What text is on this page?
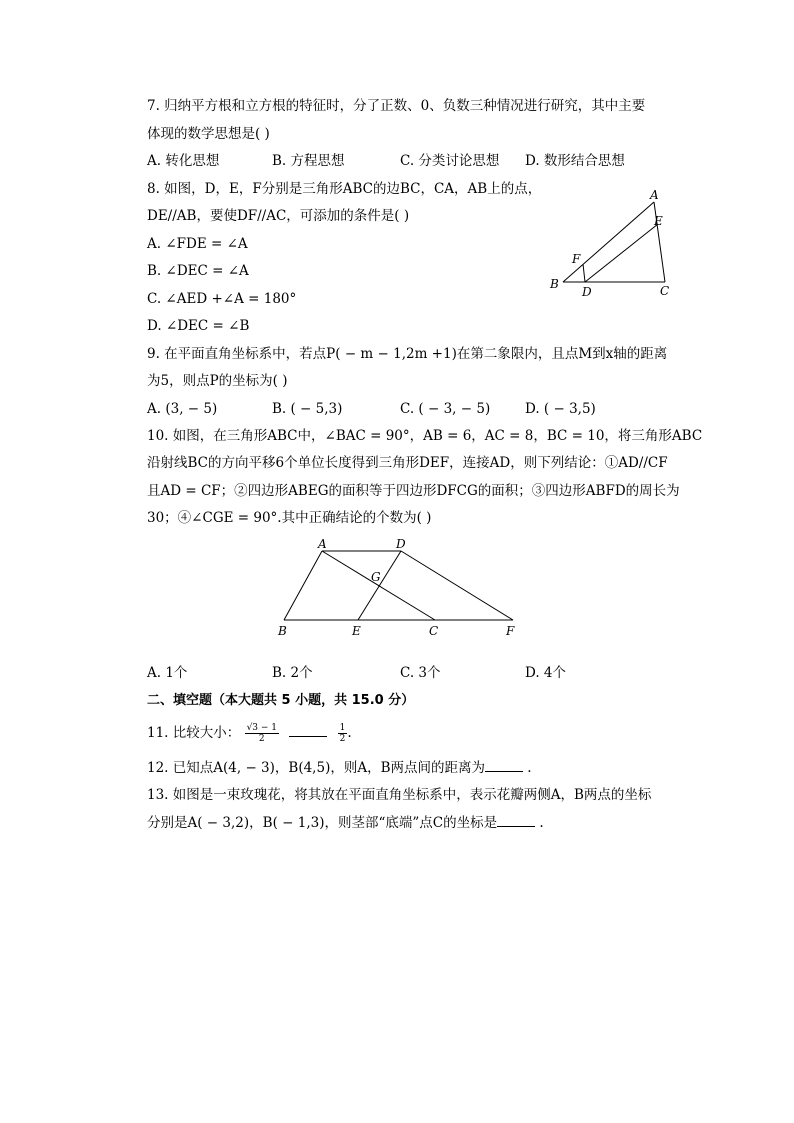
7. 归纳平方根和立方根的特征时，分了正数、0、负数三种情况进行研究，其中主要
体现的数学思想是( )
A. 转化思想	B. 方程思想	C. 分类讨论思想 D. 数形结合思想
8. 如图，D，E，F分别是三角形ABC的边BC，CA，AB上的点，
DE//AB，要使DF//AC，可添加的条件是( )
A. ∠FDE = ∠A
B. ∠DEC = ∠A
C. ∠AED +∠A = 180°
D. ∠DEC = ∠B
A
E
F
B
D	C
9. 在平面直角坐标系中，若点P( − m − 1,2m +1)在第二象限内，且点M到x轴的距离
为5，则点P的坐标为( )
A. (3, − 5)	B. ( − 5,3)	C. ( − 3, − 5)	D. ( − 3,5)
10. 如图，在三角形ABC中，∠BAC = 90°，AB = 6，AC = 8，BC = 10，将三角形ABC
沿射线BC的方向平移6个单位长度得到三角形DEF，连接AD，则下列结论：①AD//CF
且AD = CF；②四边形ABEG的面积等于四边形DFCG的面积；③四边形ABFD的周长为
30；④∠CGE = 90°.其中正确结论的个数为( )
A	D
G
B	E	C	F
A. 1个	B. 2个	C. 3个	D. 4个
二、填空题（本大题共 5 小题，共 15.0 分）
11. 比较大小： $\frac{√3 - 1}{2}$
	$\frac{1}{2}$ .
12. 已知点A(4, − 3)，B(4,5)，则A，B两点间的距离为	.
13. 如图是一束玫瑰花，将其放在平面直角坐标系中，表示花瓣两侧A，B两点的坐标
分别是A( − 3,2)，B( − 1,3)，则茎部“底端”点C的坐标是	.
